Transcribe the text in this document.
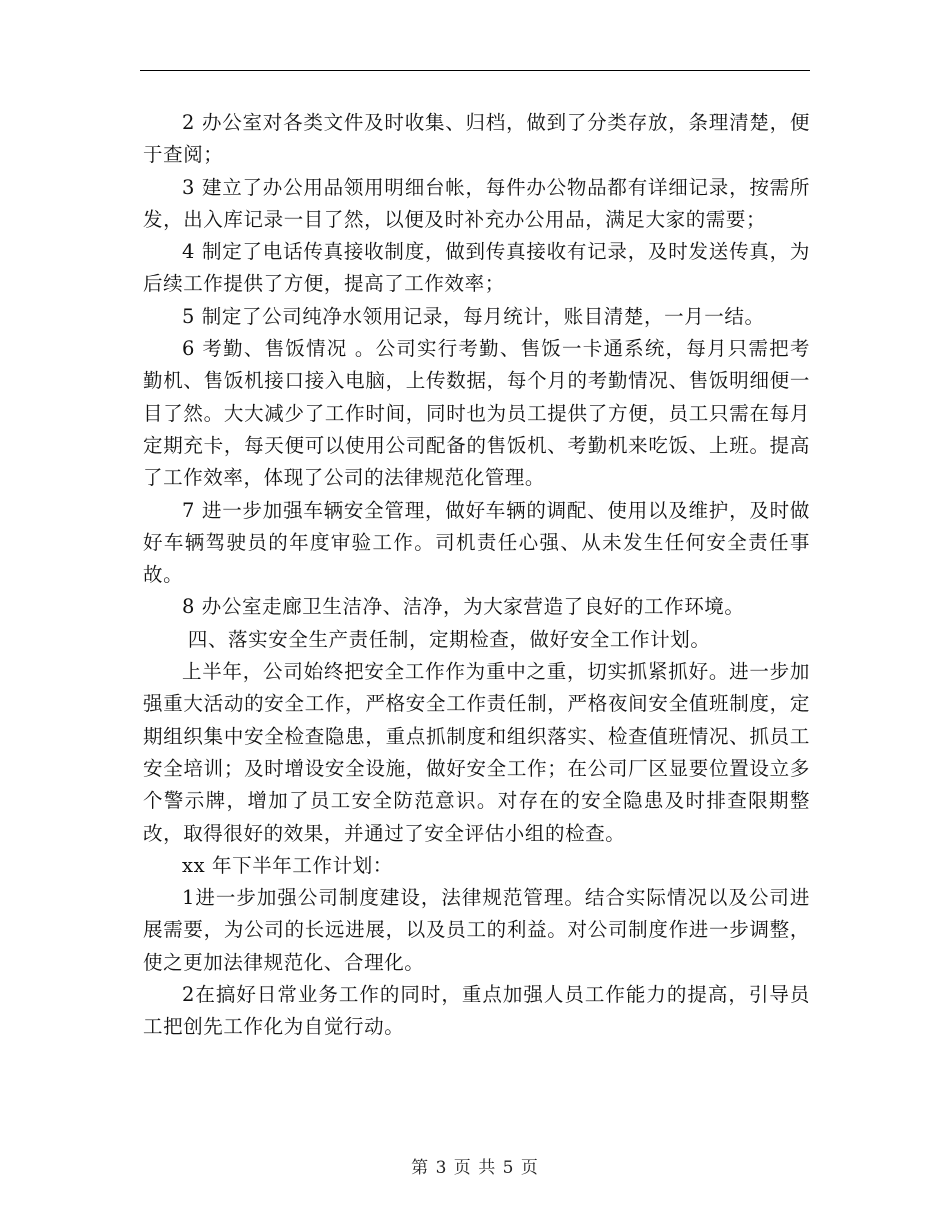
2 办公室对各类文件及时收集、归档，做到了分类存放，条理清楚，便于查阅；

3 建立了办公用品领用明细台帐，每件办公物品都有详细记录，按需所发，出入库记录一目了然，以便及时补充办公用品，满足大家的需要；

4 制定了电话传真接收制度，做到传真接收有记录，及时发送传真，为后续工作提供了方便，提高了工作效率；

5 制定了公司纯净水领用记录，每月统计，账目清楚，一月一结。

6 考勤、售饭情况 。公司实行考勤、售饭一卡通系统，每月只需把考勤机、售饭机接口接入电脑，上传数据，每个月的考勤情况、售饭明细便一目了然。大大减少了工作时间，同时也为员工提供了方便，员工只需在每月定期充卡，每天便可以使用公司配备的售饭机、考勤机来吃饭、上班。提高了工作效率，体现了公司的法律规范化管理。

7 进一步加强车辆安全管理，做好车辆的调配、使用以及维护，及时做好车辆驾驶员的年度审验工作。司机责任心强、从未发生任何安全责任事故。

8 办公室走廊卫生洁净、洁净，为大家营造了良好的工作环境。

四、落实安全生产责任制，定期检查，做好安全工作计划。

上半年，公司始终把安全工作作为重中之重，切实抓紧抓好。进一步加强重大活动的安全工作，严格安全工作责任制，严格夜间安全值班制度，定期组织集中安全检查隐患，重点抓制度和组织落实、检查值班情况、抓员工安全培训；及时增设安全设施，做好安全工作；在公司厂区显要位置设立多个警示牌，增加了员工安全防范意识。对存在的安全隐患及时排查限期整改，取得很好的效果，并通过了安全评估小组的检查。

xx 年下半年工作计划：

1进一步加强公司制度建设，法律规范管理。结合实际情况以及公司进展需要，为公司的长远进展，以及员工的利益。对公司制度作进一步调整，使之更加法律规范化、合理化。

2在搞好日常业务工作的同时，重点加强人员工作能力的提高，引导员工把创先工作化为自觉行动。

第 3 页 共 5 页
